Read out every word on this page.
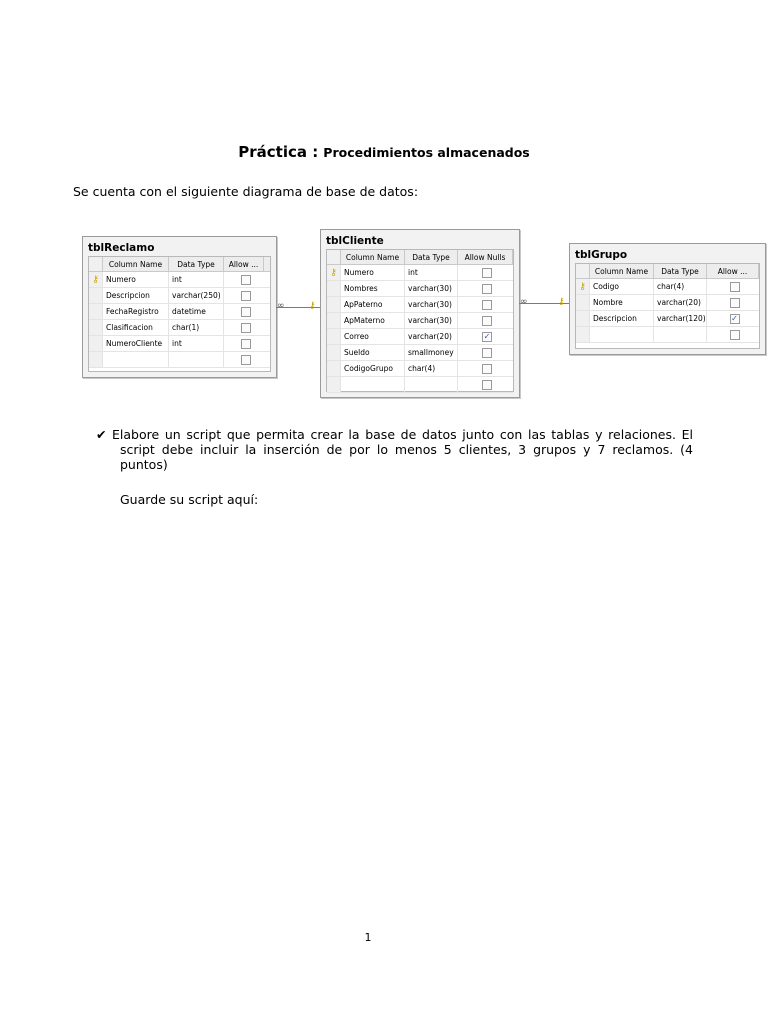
Práctica : Procedimientos almacenados
Se cuenta con el siguiente diagrama de base de datos:
tblReclamo
Column Name	Data Type	Allow ...
⚷ Numero	int
Descripcion	varchar(250)
FechaRegistro	datetime
Clasificacion	char(1)
NumeroCliente	int
tblCliente
Column Name	Data Type	Allow Nulls
⚷ Numero	int
Nombres	varchar(30)
ApPaterno	varchar(30)
ApMaterno	varchar(30)
Correo	varchar(20)	✓
Sueldo	smallmoney
CodigoGrupo	char(4)
tblGrupo
Column Name	Data Type	Allow ...
⚷ Codigo	char(4)
Nombre	varchar(20)
Descripcion	varchar(120)	✓
∞	⚷	∞	⚷
✔ Elabore un script que permita crear la base de datos junto con las tablas y relaciones. El script debe incluir la inserción de por lo menos 5 clientes, 3 grupos y 7 reclamos. (4 puntos)
Guarde su script aquí:
1
